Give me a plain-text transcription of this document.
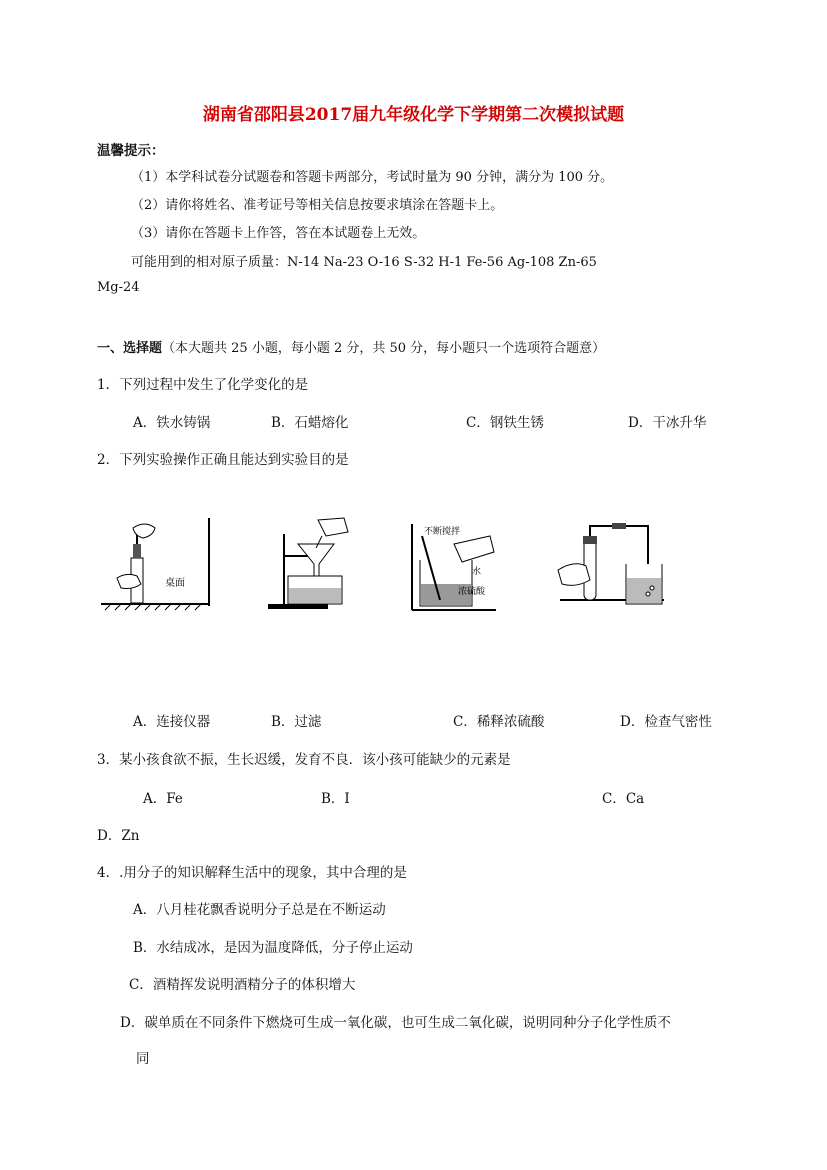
湖南省邵阳县2017届九年级化学下学期第二次模拟试题
温馨提示：
（1）本学科试卷分试题卷和答题卡两部分，考试时量为 90 分钟，满分为 100 分。
（2）请你将姓名、准考证号等相关信息按要求填涂在答题卡上。
（3）请你在答题卡上作答，答在本试题卷上无效。
可能用到的相对原子质量：N-14 Na-23 O-16 S-32 H-1 Fe-56 Ag-108 Zn-65
Mg-24
一、选择题（本大题共 25 小题，每小题 2 分，共 50 分，每小题只一个选项符合题意）
1．下列过程中发生了化学变化的是
A．铁水铸锅	B．石蜡熔化	C．钢铁生锈	D．干冰升华
2．下列实验操作正确且能达到实验目的是
桌面
不断搅拌
水
浓硫酸
A．连接仪器	B．过滤	C．稀释浓硫酸	D．检查气密性
3．某小孩食欲不振，生长迟缓，发育不良．该小孩可能缺少的元素是
A．Fe	B．I	C．Ca
D．Zn
4．.用分子的知识解释生活中的现象，其中合理的是
A．八月桂花飘香说明分子总是在不断运动
B．水结成冰，是因为温度降低，分子停止运动
C．酒精挥发说明酒精分子的体积增大
D．碳单质在不同条件下燃烧可生成一氧化碳，也可生成二氧化碳，说明同种分子化学性质不
同
